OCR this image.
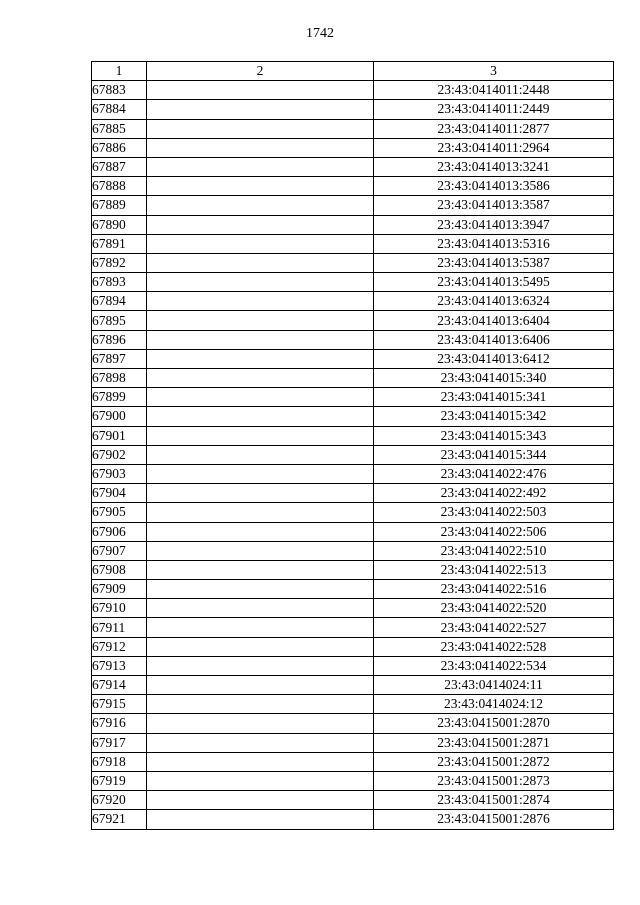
1742
1	2	3
67883		23:43:0414011:2448
67884		23:43:0414011:2449
67885		23:43:0414011:2877
67886		23:43:0414011:2964
67887		23:43:0414013:3241
67888		23:43:0414013:3586
67889		23:43:0414013:3587
67890		23:43:0414013:3947
67891		23:43:0414013:5316
67892		23:43:0414013:5387
67893		23:43:0414013:5495
67894		23:43:0414013:6324
67895		23:43:0414013:6404
67896		23:43:0414013:6406
67897		23:43:0414013:6412
67898		23:43:0414015:340
67899		23:43:0414015:341
67900		23:43:0414015:342
67901		23:43:0414015:343
67902		23:43:0414015:344
67903		23:43:0414022:476
67904		23:43:0414022:492
67905		23:43:0414022:503
67906		23:43:0414022:506
67907		23:43:0414022:510
67908		23:43:0414022:513
67909		23:43:0414022:516
67910		23:43:0414022:520
67911		23:43:0414022:527
67912		23:43:0414022:528
67913		23:43:0414022:534
67914		23:43:0414024:11
67915		23:43:0414024:12
67916		23:43:0415001:2870
67917		23:43:0415001:2871
67918		23:43:0415001:2872
67919		23:43:0415001:2873
67920		23:43:0415001:2874
67921		23:43:0415001:2876
